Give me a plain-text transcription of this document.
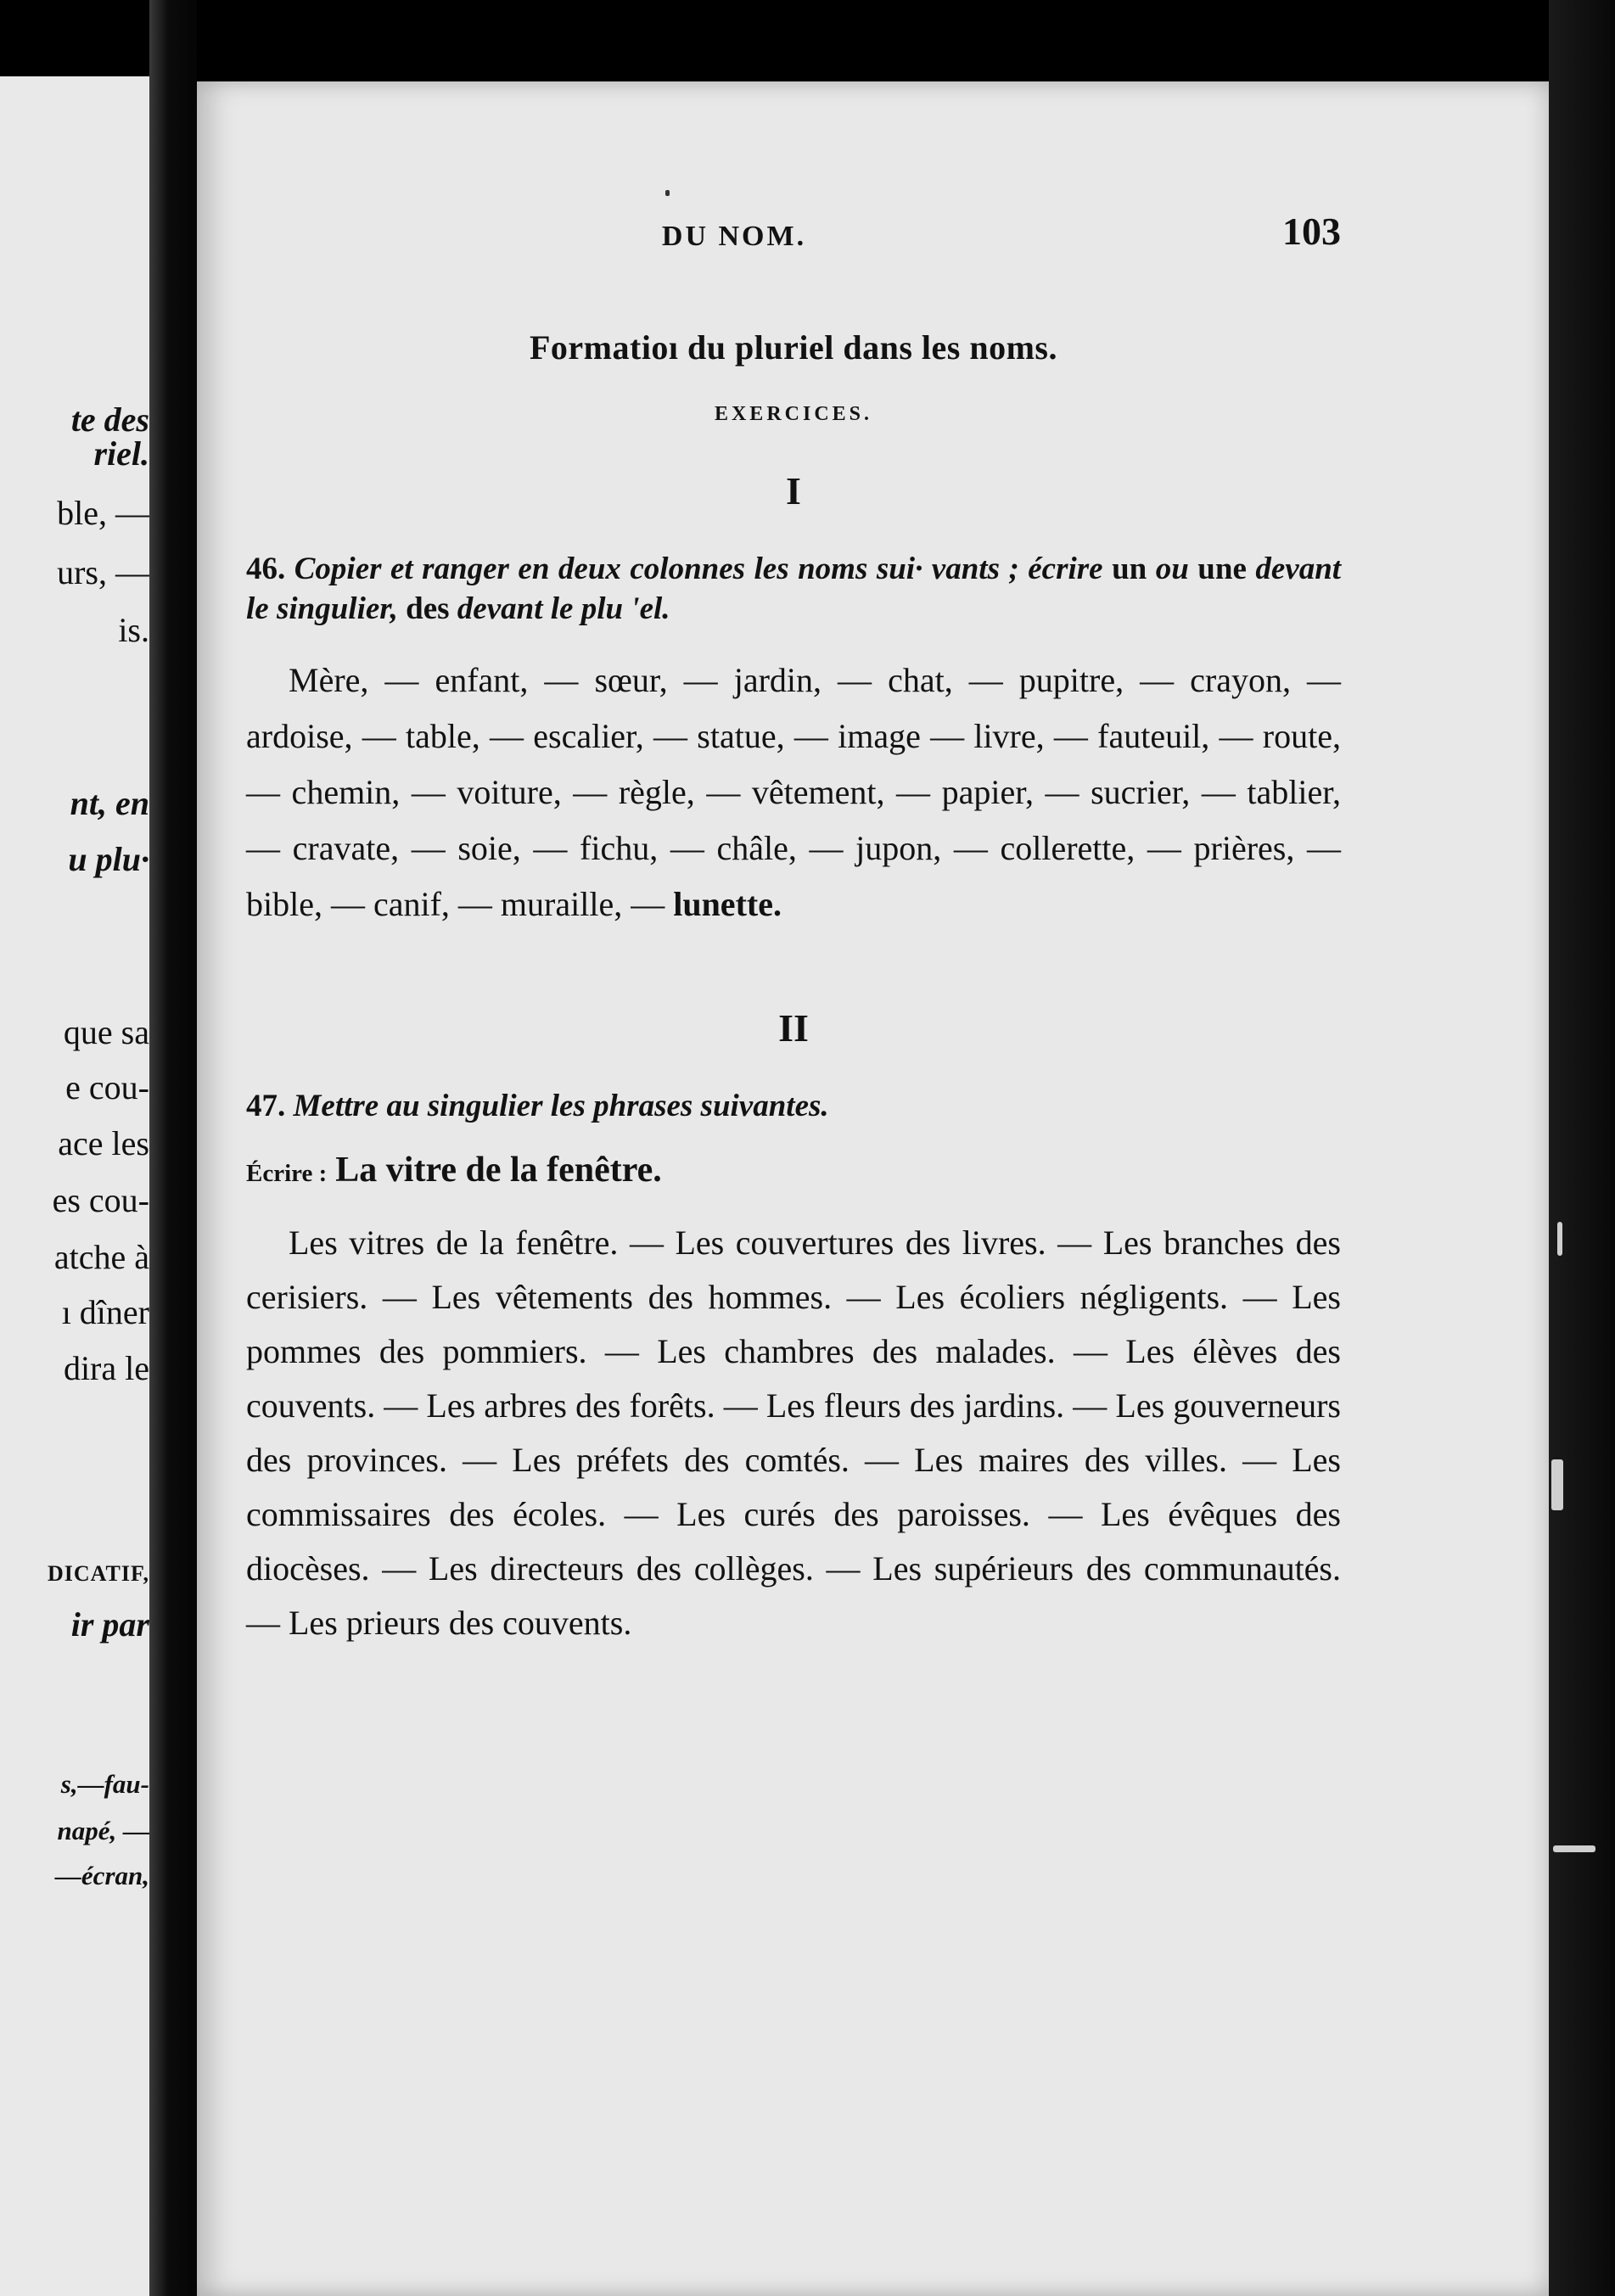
te des
riel.
ble, —
urs, —
is.
nt, en
u plu·
que sa
e cou-
ace les
es cou-
atche à
ı dîner
dira le
DICATIF,
ir par
s,—fau-
napé, —
—écran,
DU NOM.	103
Formatioı du pluriel dans les noms.
EXERCICES.
I
46. Copier et ranger en deux colonnes les noms sui· vants ; écrire un ou une devant le singulier, des devant le plu 'el.
Mère, — enfant, — sœur, — jardin, — chat, — pupitre, — crayon, — ardoise, — table, — escalier, — statue, — image — livre, — fauteuil, — route, — chemin, — voiture, — règle, — vêtement, — papier, — sucrier, — tablier, — cravate, — soie, — fichu, — châle, — jupon, — collerette, — prières, — bible, — canif, — muraille, — lunette.
II
47. Mettre au singulier les phrases suivantes.
Écrire : La vitre de la fenêtre.
Les vitres de la fenêtre. — Les couvertures des livres. — Les branches des cerisiers. — Les vêtements des hommes. — Les écoliers négligents. — Les pommes des pommiers. — Les chambres des malades. — Les élèves des couvents. — Les arbres des forêts. — Les fleurs des jardins. — Les gouverneurs des provinces. — Les préfets des comtés. — Les maires des villes. — Les commissaires des écoles. — Les curés des paroisses. — Les évêques des diocèses. — Les directeurs des collèges. — Les supérieurs des communautés. — Les prieurs des couvents.
